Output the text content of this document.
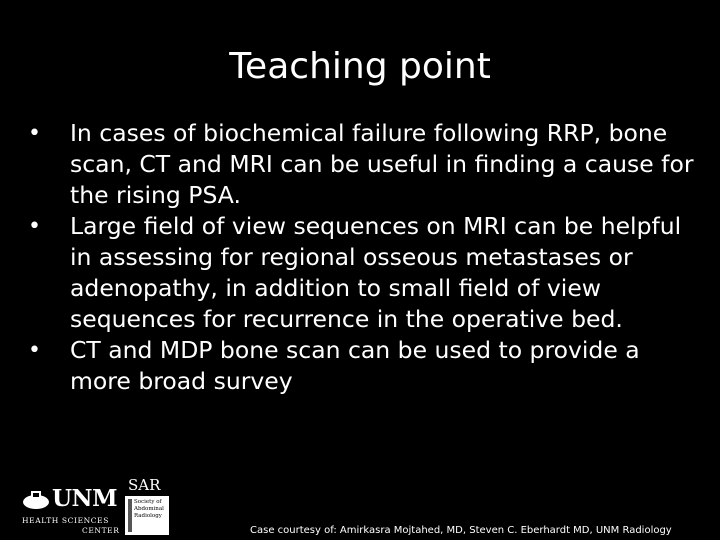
Teaching point
• In cases of biochemical failure following RRP, bone scan, CT and MRI can be useful in finding a cause for the rising PSA.
• Large field of view sequences on MRI can be helpful in assessing for regional osseous metastases or adenopathy, in addition to small field of view sequences for recurrence in the operative bed.
• CT and MDP bone scan can be used to provide a more broad survey
UNM
HEALTH SCIENCES
CENTER
SAR
Society of
Abdominal
Radiology
Case courtesy of: Amirkasra Mojtahed, MD, Steven C. Eberhardt MD, UNM Radiology
